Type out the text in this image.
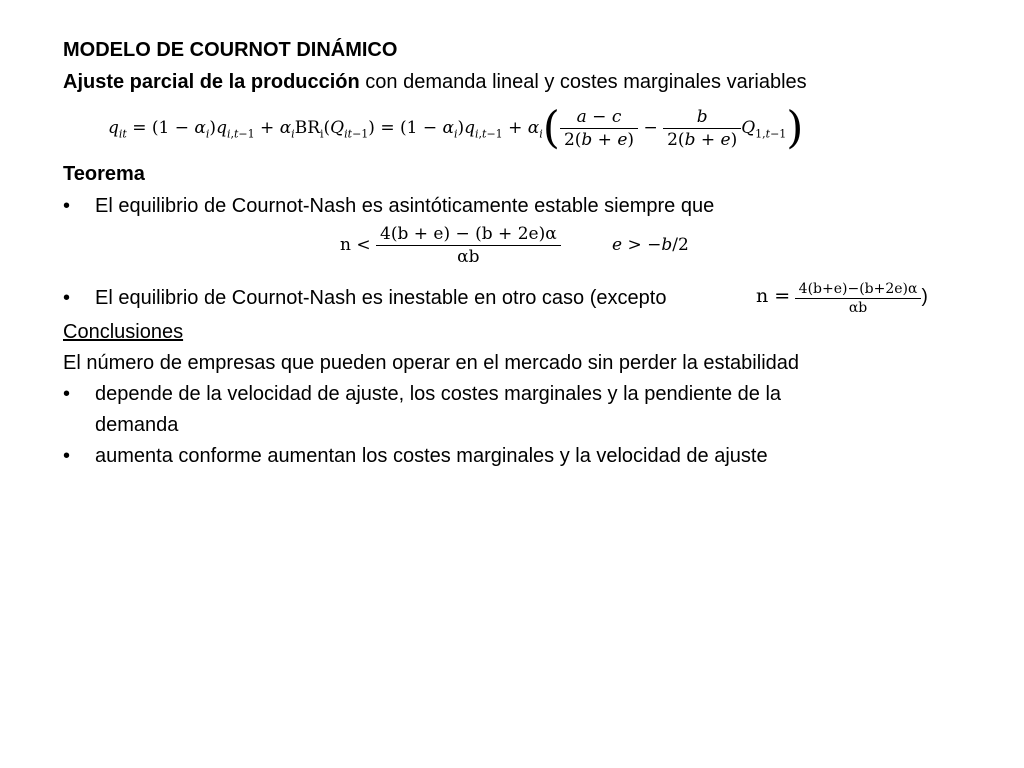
MODELO DE COURNOT DINÁMICO
Ajuste parcial de la producción con demanda lineal y costes marginales variables
$q_{it} = (1 - \alpha_i)q_{i,t-1} + \alpha_iBR_i(Q_{it-1}) = (1 - \alpha_i)q_{i,t-1} + \alpha_i( \frac{a - c}{2(b + e)} - \frac{b}{2(b + e)} Q_{1,t-1})$
Teorema
• El equilibrio de Cournot-Nash es asintóticamente estable siempre que
$n < \frac{4(b + e) - (b + 2e)\alpha}{\alpha b}$	e > −b/2
• El equilibrio de Cournot-Nash es inestable en otro caso (excepto	$n = \frac{4(b+e)-(b+2e)\alpha}{\alpha b}$ )
Conclusiones
El número de empresas que pueden operar en el mercado sin perder la estabilidad
• depende de la velocidad de ajuste, los costes marginales y la pendiente de la
demanda
• aumenta conforme aumentan los costes marginales y la velocidad de ajuste
